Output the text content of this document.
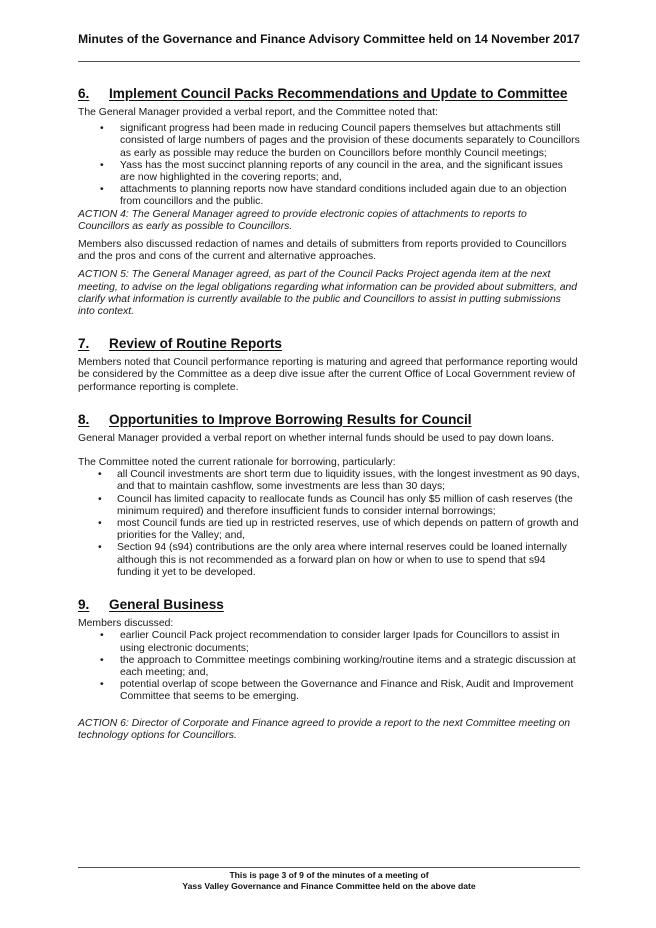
Minutes of the Governance and Finance Advisory Committee held on 14 November 2017
6.	Implement Council Packs Recommendations and Update to Committee

The General Manager provided a verbal report, and the Committee noted that:

• significant progress had been made in reducing Council papers themselves but attachments still consisted of large numbers of pages and the provision of these documents separately to Councillors as early as possible may reduce the burden on Councillors before monthly Council meetings;
• Yass has the most succinct planning reports of any council in the area, and the significant issues are now highlighted in the covering reports; and,
• attachments to planning reports now have standard conditions included again due to an objection from councillors and the public.

ACTION 4: The General Manager agreed to provide electronic copies of attachments to reports to Councillors as early as possible to Councillors.

Members also discussed redaction of names and details of submitters from reports provided to Councillors and the pros and cons of the current and alternative approaches.

ACTION 5: The General Manager agreed, as part of the Council Packs Project agenda item at the next meeting, to advise on the legal obligations regarding what information can be provided about submitters, and clarify what information is currently available to the public and Councillors to assist in putting submissions into context.

7.	Review of Routine Reports

Members noted that Council performance reporting is maturing and agreed that performance reporting would be considered by the Committee as a deep dive issue after the current Office of Local Government review of performance reporting is complete.

8.	Opportunities to Improve Borrowing Results for Council

General Manager provided a verbal report on whether internal funds should be used to pay down loans.

The Committee noted the current rationale for borrowing, particularly:

• all Council investments are short term due to liquidity issues, with the longest investment as 90 days, and that to maintain cashflow, some investments are less than 30 days;
• Council has limited capacity to reallocate funds as Council has only $5 million of cash reserves (the minimum required) and therefore insufficient funds to consider internal borrowings;
• most Council funds are tied up in restricted reserves, use of which depends on pattern of growth and priorities for the Valley; and,
• Section 94 (s94) contributions are the only area where internal reserves could be loaned internally although this is not recommended as a forward plan on how or when to use to spend that s94 funding it yet to be developed.
9.	General Business

Members discussed:

• earlier Council Pack project recommendation to consider larger Ipads for Councillors to assist in using electronic documents;
• the approach to Committee meetings combining working/routine items and a strategic discussion at each meeting; and,
• potential overlap of scope between the Governance and Finance and Risk, Audit and Improvement Committee that seems to be emerging.

ACTION 6: Director of Corporate and Finance agreed to provide a report to the next Committee meeting on technology options for Councillors.

This is page 3 of 9 of the minutes of a meeting of
Yass Valley Governance and Finance Committee held on the above date
